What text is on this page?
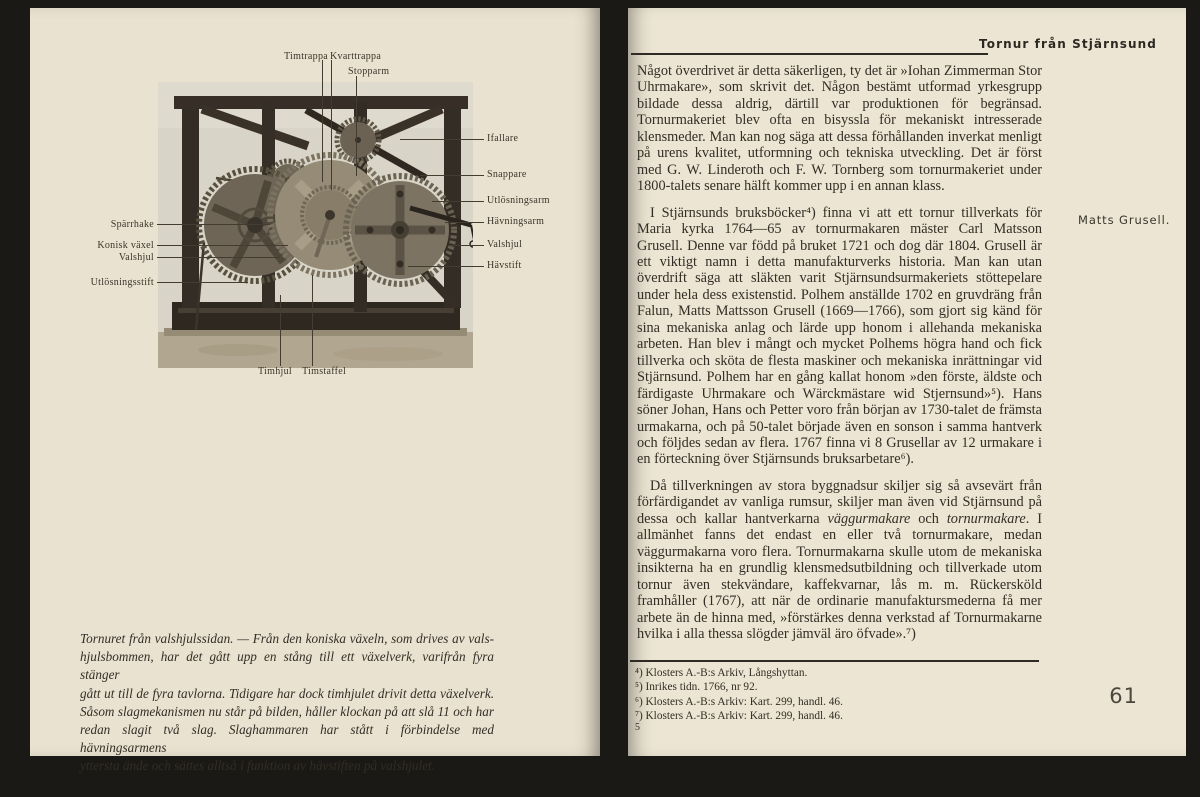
Timtrappa Kvarttrappa
Stopparm
Ifallare
Snappare
Utlösningsarm
Hävningsarm
Valshjul
Hävstift
Spärrhake
Konisk växel
Valshjul
Utlösningsstift
Timhjul Timstaffel
Tornuret från valshjulssidan. — Från den koniska växeln, som drives av vals-
hjulsbommen, har det gått upp en stång till ett växelverk, varifrån fyra stänger
gått ut till de fyra tavlorna. Tidigare har dock timhjulet drivit detta växelverk.
Såsom slagmekanismen nu står på bilden, håller klockan på att slå 11 och har
redan slagit två slag. Slaghammaren har stått i förbindelse med hävningsarmens
yttersta ände och sättes alltså i funktion av hävstiften på valshjulet.
Tornur från Stjärnsund

Något överdrivet är detta säkerligen, ty det är »Iohan Zimmerman Stor Uhrmakare», som skrivit det. Någon bestämt utformad yrkesgrupp bildade dessa aldrig, därtill var produktionen för begränsad. Tornurmakeriet blev ofta en bisyssla för mekaniskt intresserade klensmeder. Man kan nog säga att dessa förhållanden inverkat menligt på urens kvalitet, utformning och tekniska utveckling. Det är först med G. W. Linderoth och F. W. Tornberg som tornurmakeriet under 1800-talets senare hälft kommer upp i en annan klass.

I Stjärnsunds bruksböcker⁴) finna vi att ett tornur tillverkats för Maria kyrka 1764—65 av tornurmakaren mäster Carl Matsson Grusell. Denne var född på bruket 1721 och dog där 1804. Grusell är ett viktigt namn i detta manufakturverks historia. Man kan utan överdrift säga att släkten varit Stjärnsundsurmakeriets stöttepelare under hela dess existenstid. Polhem anställde 1702 en gruvdräng från Falun, Matts Mattsson Grusell (1669—1766), som gjort sig känd för sina mekaniska anlag och lärde upp honom i allehanda mekaniska arbeten. Han blev i mångt och mycket Polhems högra hand och fick tillverka och sköta de flesta maskiner och mekaniska inrättningar vid Stjärnsund. Polhem har en gång kallat honom »den förste, äldste och färdigaste Uhrmakare och Wärckmästare wid Stjernsund»⁵). Hans söner Johan, Hans och Petter voro från början av 1730-talet de främsta urmakarna, och på 50-talet började även en sonson i samma hantverk och följdes sedan av flera. 1767 finna vi 8 Grusellar av 12 urmakare i en förteckning över Stjärnsunds bruksarbetare⁶).

Då tillverkningen av stora byggnadsur skiljer sig så avsevärt från förfärdigandet av vanliga rumsur, skiljer man även vid Stjärnsund på dessa och kallar hantverkarna väggurmakare och tornurmakare. I allmänhet fanns det endast en eller två tornurmakare, medan väggurmakarna voro flera. Tornurmakarna skulle utom de mekaniska insikterna ha en grundlig klensmedsutbildning och tillverkade utom tornur även stekvändare, kaffekvarnar, lås m. m. Rückersköld framhåller (1767), att när de ordinarie manufaktursmederna få mer arbete än de hinna med, »förstärkes denna verkstad af Tornurmakarne hvilka i alla thessa slögder jämväl äro öfvade».⁷)

Matts Grusell.
⁴) Klosters A.-B:s Arkiv, Långshyttan.
⁵) Inrikes tidn. 1766, nr 92.
⁶) Klosters A.-B:s Arkiv: Kart. 299, handl. 46.
⁷) Klosters A.-B:s Arkiv: Kart. 299, handl. 46.
5
61
